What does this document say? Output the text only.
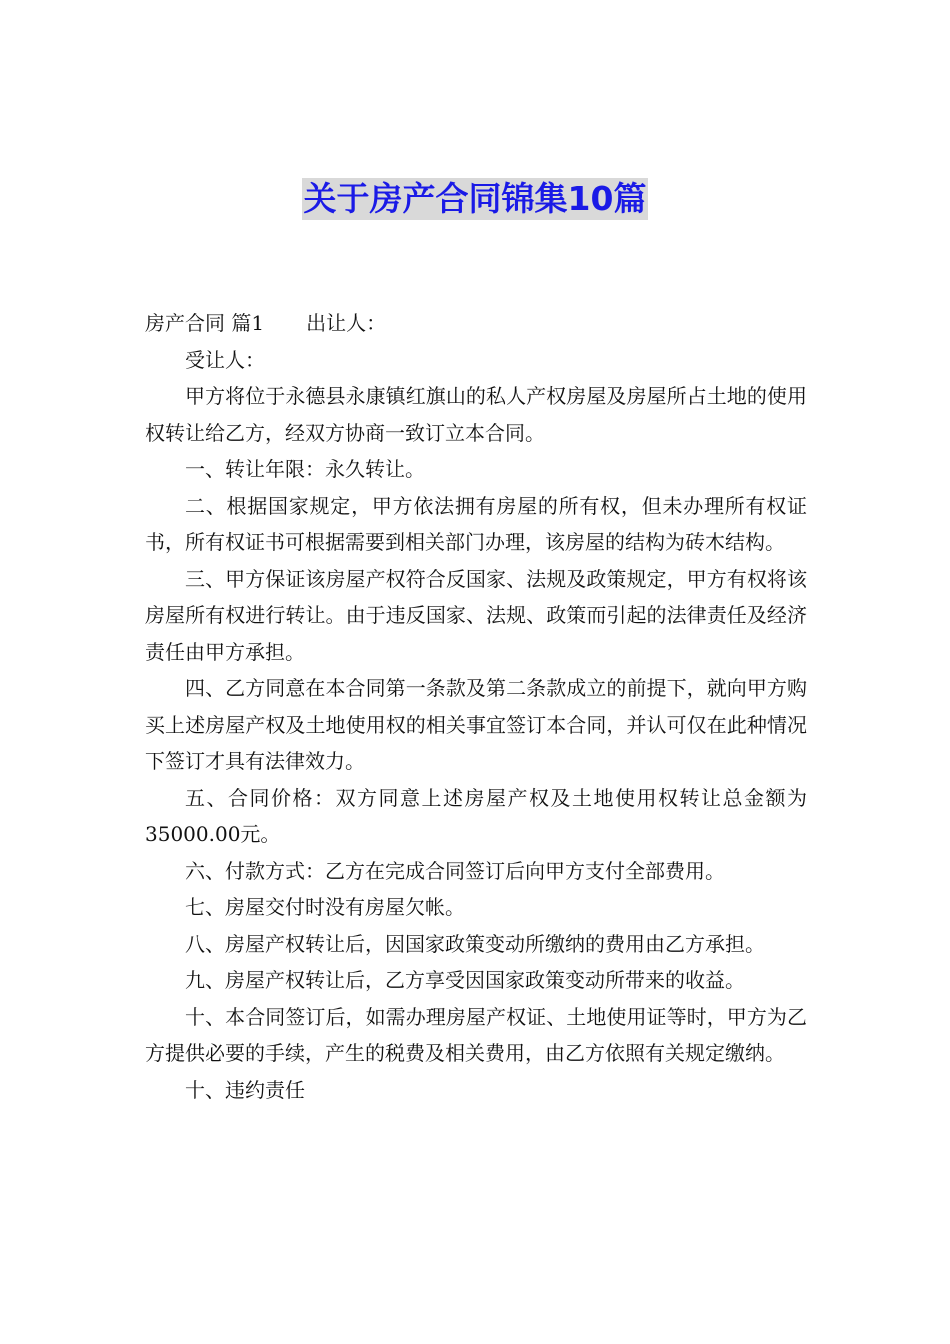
关于房产合同锦集10篇

房产合同 篇1 出让人：

受让人：

甲方将位于永德县永康镇红旗山的私人产权房屋及房屋所占土地的使用权转让给乙方，经双方协商一致订立本合同。

一、转让年限：永久转让。

二、根据国家规定，甲方依法拥有房屋的所有权，但未办理所有权证书，所有权证书可根据需要到相关部门办理，该房屋的结构为砖木结构。

三、甲方保证该房屋产权符合反国家、法规及政策规定，甲方有权将该房屋所有权进行转让。由于违反国家、法规、政策而引起的法律责任及经济责任由甲方承担。

四、乙方同意在本合同第一条款及第二条款成立的前提下，就向甲方购买上述房屋产权及土地使用权的相关事宜签订本合同，并认可仅在此种情况下签订才具有法律效力。

五、合同价格：双方同意上述房屋产权及土地使用权转让总金额为35000.00元。

六、付款方式：乙方在完成合同签订后向甲方支付全部费用。

七、房屋交付时没有房屋欠帐。

八、房屋产权转让后，因国家政策变动所缴纳的费用由乙方承担。

九、房屋产权转让后，乙方享受因国家政策变动所带来的收益。

十、本合同签订后，如需办理房屋产权证、土地使用证等时，甲方为乙方提供必要的手续，产生的税费及相关费用，由乙方依照有关规定缴纳。

十、违约责任
